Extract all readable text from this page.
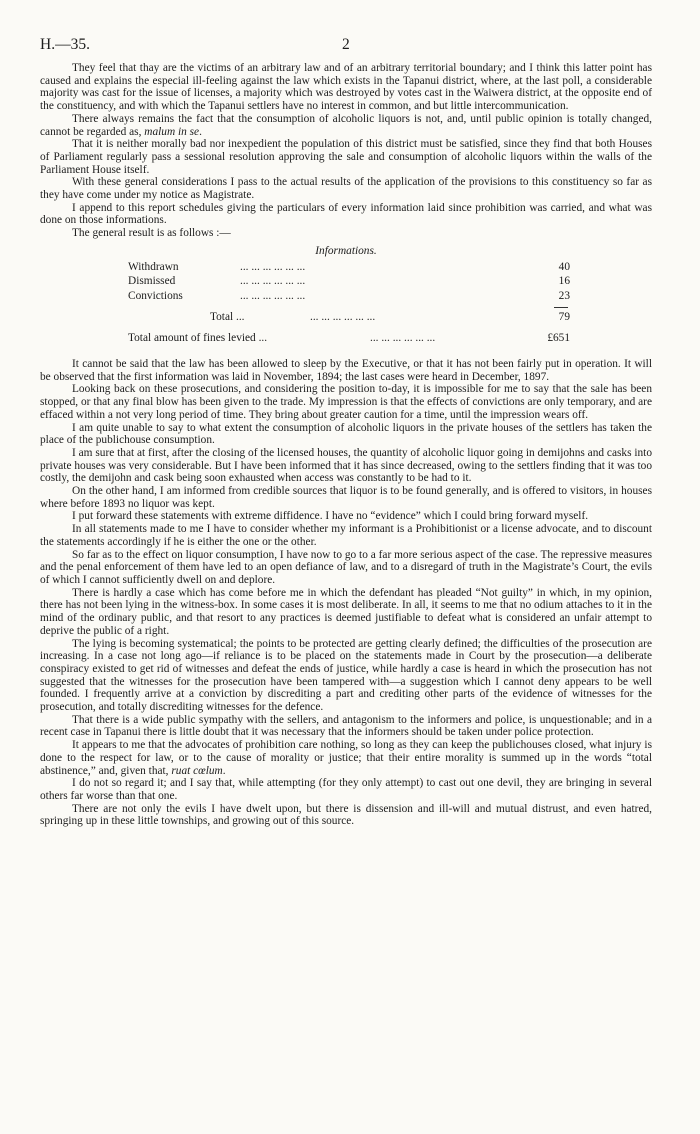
H.—35.	2

They feel that thay are the victims of an arbitrary law and of an arbitrary territorial boundary; and I think this latter point has caused and explains the especial ill-feeling against the law which exists in the Tapanui district, where, at the last poll, a considerable majority was cast for the issue of licenses, a majority which was destroyed by votes cast in the Waiwera district, at the opposite end of the constituency, and with which the Tapanui settlers have no interest in common, and but little intercommunication.

There always remains the fact that the consumption of alcoholic liquors is not, and, until public opinion is totally changed, cannot be regarded as, malum in se.

That it is neither morally bad nor inexpedient the population of this district must be satisfied, since they find that both Houses of Parliament regularly pass a sessional resolution approving the sale and consumption of alcoholic liquors within the walls of the Parliament House itself.

With these general considerations I pass to the actual results of the application of the provisions to this constituency so far as they have come under my notice as Magistrate.

I append to this report schedules giving the particulars of every information laid since prohibition was carried, and what was done on those informations.

The general result is as follows :—

Informations.
Withdrawn	... ... ... ... ... ...	40
Dismissed	... ... ... ... ... ...	16
Convictions	... ... ... ... ... ...	23
Total ...	... ... ... ... ... ...	79
Total amount of fines levied ...	... ... ... ... ... ...	£651

It cannot be said that the law has been allowed to sleep by the Executive, or that it has not been fairly put in operation. It will be observed that the first information was laid in November, 1894; the last cases were heard in December, 1897.

Looking back on these prosecutions, and considering the position to-day, it is impossible for me to say that the sale has been stopped, or that any final blow has been given to the trade. My impression is that the effects of convictions are only temporary, and are effaced within a not very long period of time. They bring about greater caution for a time, until the impression wears off.

I am quite unable to say to what extent the consumption of alcoholic liquors in the private houses of the settlers has taken the place of the publichouse consumption.

I am sure that at first, after the closing of the licensed houses, the quantity of alcoholic liquor going in demijohns and casks into private houses was very considerable. But I have been informed that it has since decreased, owing to the settlers finding that it was too costly, the demijohn and cask being soon exhausted when access was constantly to be had to it.

On the other hand, I am informed from credible sources that liquor is to be found generally, and is offered to visitors, in houses where before 1893 no liquor was kept.

I put forward these statements with extreme diffidence. I have no “evidence” which I could bring forward myself.

In all statements made to me I have to consider whether my informant is a Prohibitionist or a license advocate, and to discount the statements accordingly if he is either the one or the other.

So far as to the effect on liquor consumption, I have now to go to a far more serious aspect of the case. The repressive measures and the penal enforcement of them have led to an open defiance of law, and to a disregard of truth in the Magistrate’s Court, the evils of which I cannot sufficiently dwell on and deplore.

There is hardly a case which has come before me in which the defendant has pleaded “Not guilty” in which, in my opinion, there has not been lying in the witness-box. In some cases it is most deliberate. In all, it seems to me that no odium attaches to it in the mind of the ordinary public, and that resort to any practices is deemed justifiable to defeat what is considered an unfair attempt to deprive the public of a right.

The lying is becoming systematical; the points to be protected are getting clearly defined; the difficulties of the prosecution are increasing. In a case not long ago—if reliance is to be placed on the statements made in Court by the prosecution—a deliberate conspiracy existed to get rid of witnesses and defeat the ends of justice, while hardly a case is heard in which the prosecution has not suggested that the witnesses for the prosecution have been tampered with—a suggestion which I cannot deny appears to be well founded. I frequently arrive at a conviction by discrediting a part and crediting other parts of the evidence of witnesses for the prosecution, and totally discrediting witnesses for the defence.

That there is a wide public sympathy with the sellers, and antagonism to the informers and police, is unquestionable; and in a recent case in Tapanui there is little doubt that it was necessary that the informers should be taken under police protection.

It appears to me that the advocates of prohibition care nothing, so long as they can keep the publichouses closed, what injury is done to the respect for law, or to the cause of morality or justice; that their entire morality is summed up in the words “total abstinence,” and, given that, ruat cœlum.

I do not so regard it; and I say that, while attempting (for they only attempt) to cast out one devil, they are bringing in several others far worse than that one.

There are not only the evils I have dwelt upon, but there is dissension and ill-will and mutual distrust, and even hatred, springing up in these little townships, and growing out of this source.
